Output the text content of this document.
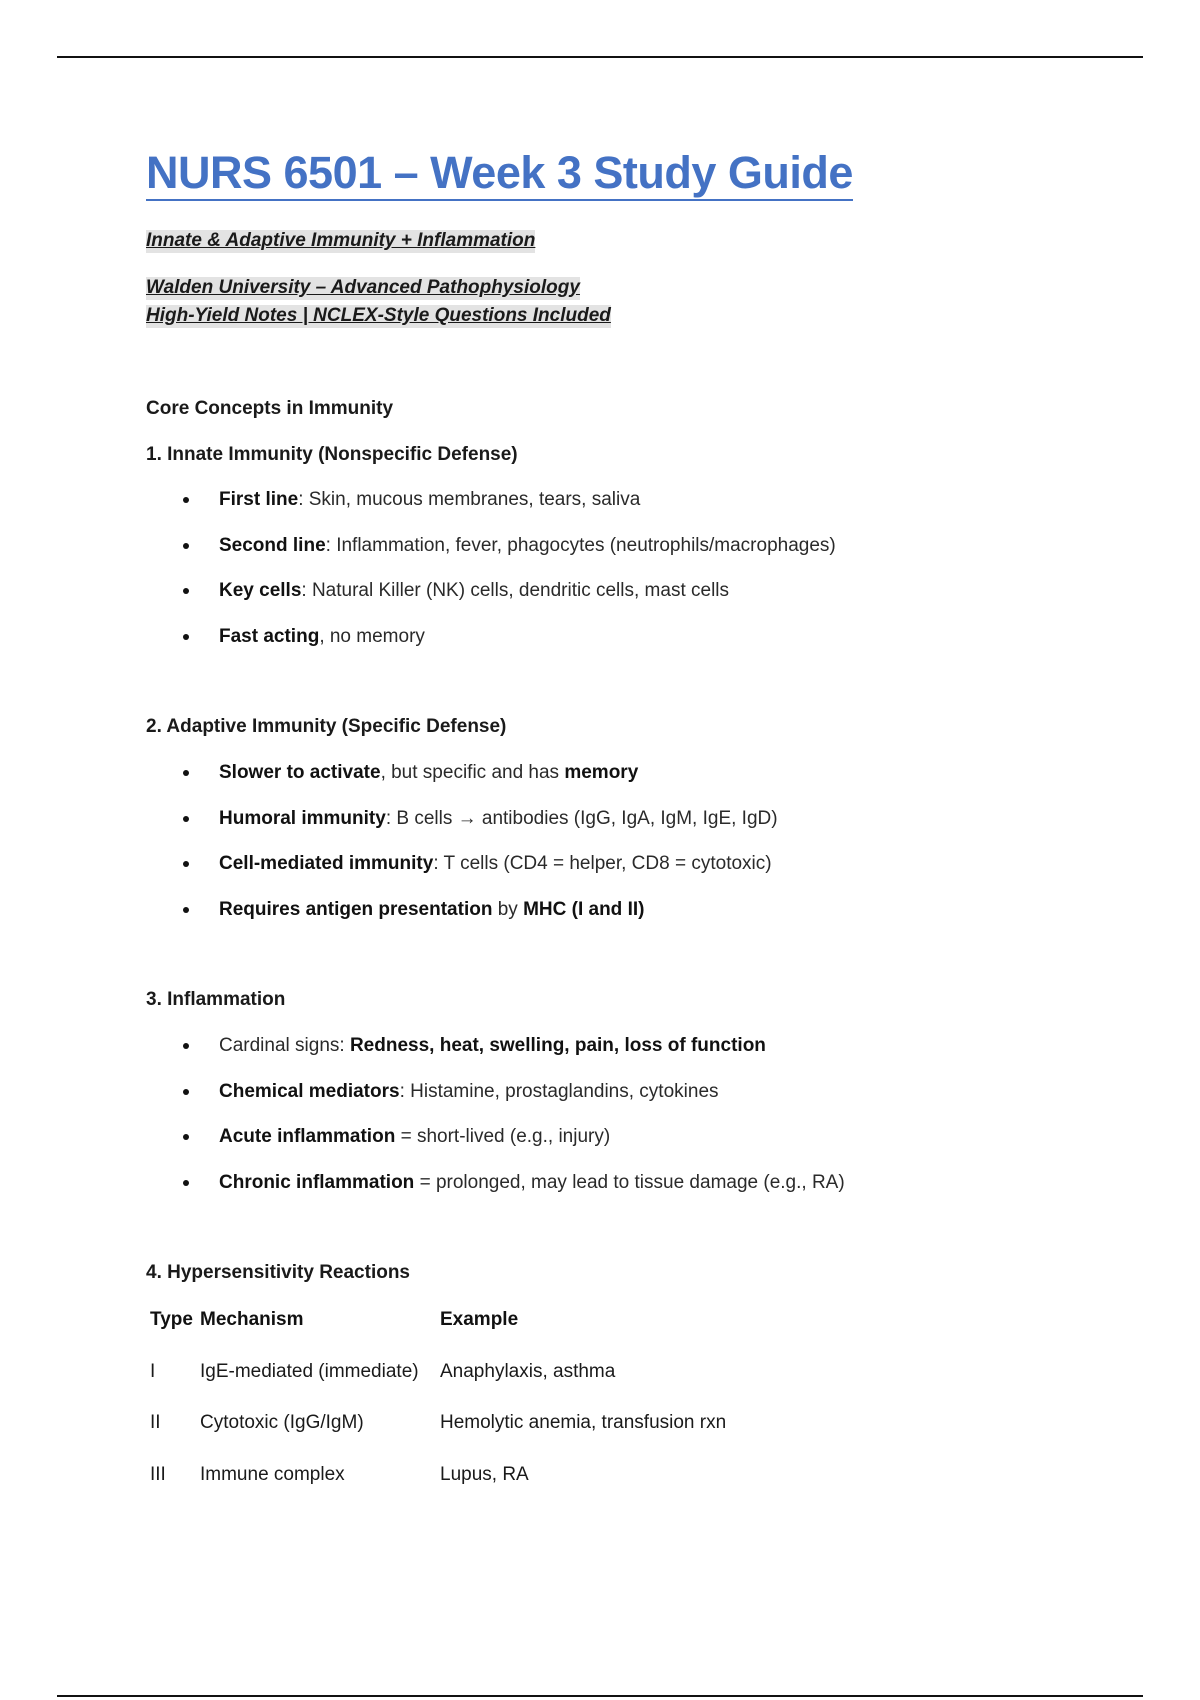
NURS 6501 – Week 3 Study Guide
Innate & Adaptive Immunity + Inflammation
Walden University – Advanced Pathophysiology
High-Yield Notes | NCLEX-Style Questions Included
Core Concepts in Immunity
1. Innate Immunity (Nonspecific Defense)
First line: Skin, mucous membranes, tears, saliva
Second line: Inflammation, fever, phagocytes (neutrophils/macrophages)
Key cells: Natural Killer (NK) cells, dendritic cells, mast cells
Fast acting, no memory
2. Adaptive Immunity (Specific Defense)
Slower to activate, but specific and has memory
Humoral immunity: B cells → antibodies (IgG, IgA, IgM, IgE, IgD)
Cell-mediated immunity: T cells (CD4 = helper, CD8 = cytotoxic)
Requires antigen presentation by MHC (I and II)
3. Inflammation
Cardinal signs: Redness, heat, swelling, pain, loss of function
Chemical mediators: Histamine, prostaglandins, cytokines
Acute inflammation = short-lived (e.g., injury)
Chronic inflammation = prolonged, may lead to tissue damage (e.g., RA)
4. Hypersensitivity Reactions
Type Mechanism	Example
I IgE-mediated (immediate) Anaphylaxis, asthma
II Cytotoxic (IgG/IgM)	Hemolytic anemia, transfusion rxn
III Immune complex	Lupus, RA
